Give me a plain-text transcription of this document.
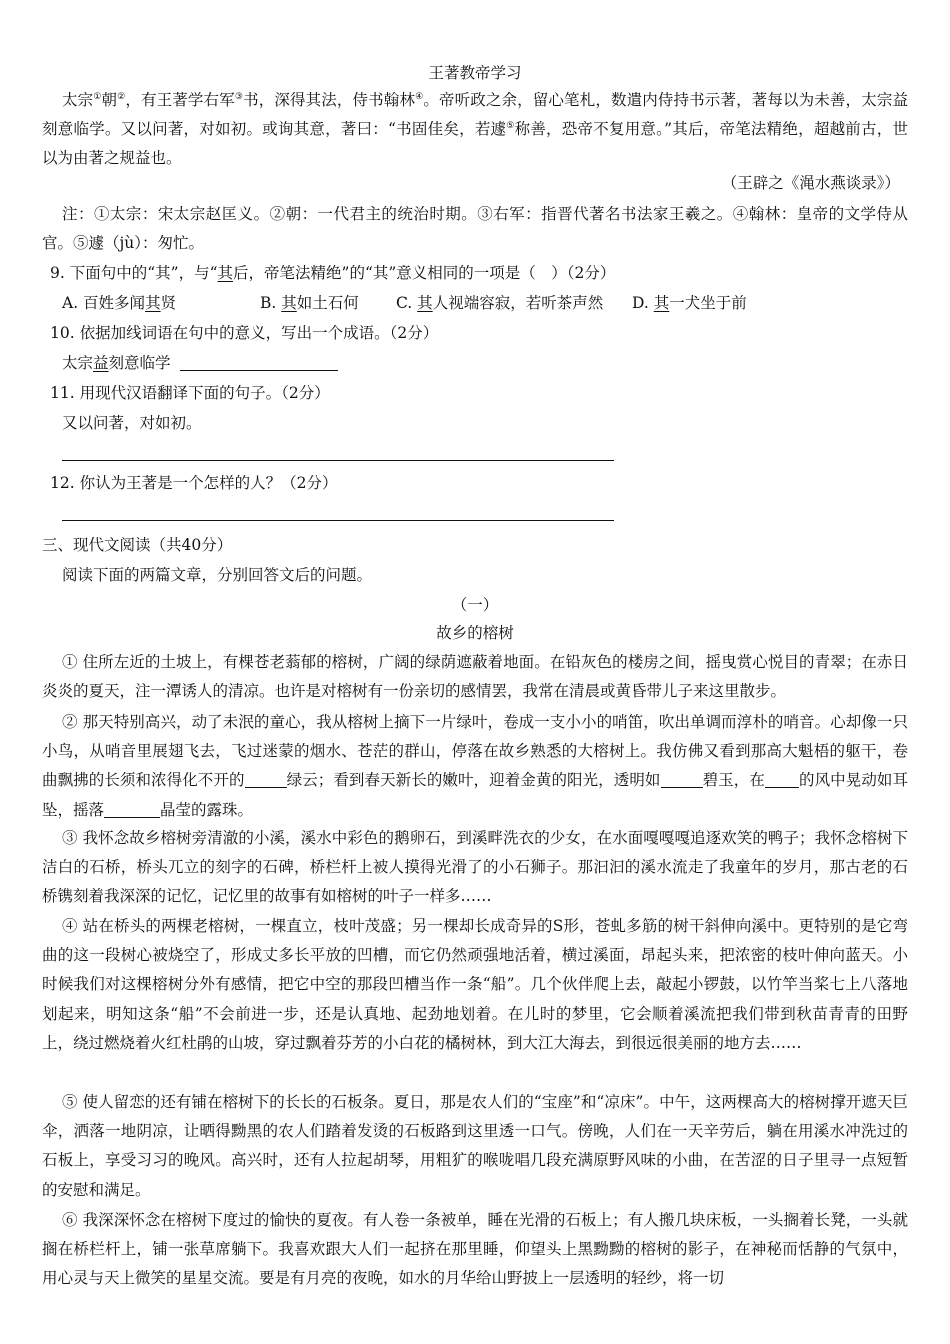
王著教帝学习
太宗①朝②，有王著学右军③书，深得其法，侍书翰林④。帝听政之余，留心笔札，数遣内侍持书示著，著每以为未善，太宗益刻意临学。又以问著，对如初。或询其意，著曰：“书固佳矣，若遽⑤称善，恐帝不复用意。”其后，帝笔法精绝，超越前古，世以为由著之规益也。
（王辟之《渑水燕谈录》）
注：①太宗：宋太宗赵匡义。②朝：一代君主的统治时期。③右军：指晋代著名书法家王羲之。④翰林：皇帝的文学侍从官。⑤遽（jù）：匆忙。
9. 下面句中的“其”，与“其后，帝笔法精绝”的“其”意义相同的一项是（　）（2分）
A. 百姓多闻其贤	B. 其如土石何 C. 其人视端容寂，若听茶声然 D. 其一犬坐于前
10. 依据加线词语在句中的意义，写出一个成语。（2分）
太宗益刻意临学
11. 用现代汉语翻译下面的句子。（2分）
又以问著，对如初。
12. 你认为王著是一个怎样的人？（2分）
三、现代文阅读（共40分）
阅读下面的两篇文章，分别回答文后的问题。
（一）
故乡的榕树
① 住所左近的土坡上，有棵苍老蓊郁的榕树，广阔的绿荫遮蔽着地面。在铅灰色的楼房之间，摇曳赏心悦目的青翠；在赤日炎炎的夏天，注一潭诱人的清凉。也许是对榕树有一份亲切的感情罢，我常在清晨或黄昏带儿子来这里散步。
② 那天特别高兴，动了未泯的童心，我从榕树上摘下一片绿叶，卷成一支小小的哨笛，吹出单调而淳朴的哨音。心却像一只小鸟，从哨音里展翅飞去，飞过迷蒙的烟水、苍茫的群山，停落在故乡熟悉的大榕树上。我仿佛又看到那高大魁梧的躯干，卷曲飘拂的长须和浓得化不开的	绿云；看到春天新长的嫩叶，迎着金黄的阳光，透明如	碧玉，在 的风中晃动如耳坠，摇落	晶莹的露珠。
③ 我怀念故乡榕树旁清澈的小溪，溪水中彩色的鹅卵石，到溪畔洗衣的少女，在水面嘎嘎嘎追逐欢笑的鸭子；我怀念榕树下洁白的石桥，桥头兀立的刻字的石碑，桥栏杆上被人摸得光滑了的小石狮子。那汩汩的溪水流走了我童年的岁月，那古老的石桥镌刻着我深深的记忆，记忆里的故事有如榕树的叶子一样多……
④ 站在桥头的两棵老榕树，一棵直立，枝叶茂盛；另一棵却长成奇异的S形，苍虬多筋的树干斜伸向溪中。更特别的是它弯曲的这一段树心被烧空了，形成丈多长平放的凹槽，而它仍然顽强地活着，横过溪面，昂起头来，把浓密的枝叶伸向蓝天。小时候我们对这棵榕树分外有感情，把它中空的那段凹槽当作一条“船”。几个伙伴爬上去，敲起小锣鼓，以竹竿当桨七上八落地划起来，明知这条“船”不会前进一步，还是认真地、起劲地划着。在儿时的梦里，它会顺着溪流把我们带到秋苗青青的田野上，绕过燃烧着火红杜鹃的山坡，穿过飘着芬芳的小白花的橘树林，到大江大海去，到很远很美丽的地方去……
⑤ 使人留恋的还有铺在榕树下的长长的石板条。夏日，那是农人们的“宝座”和“凉床”。中午，这两棵高大的榕树撑开遮天巨伞，洒落一地阴凉，让晒得黝黑的农人们踏着发烫的石板路到这里透一口气。傍晚，人们在一天辛劳后，躺在用溪水冲洗过的石板上，享受习习的晚风。高兴时，还有人拉起胡琴，用粗犷的喉咙唱几段充满原野风味的小曲，在苦涩的日子里寻一点短暂的安慰和满足。
⑥ 我深深怀念在榕树下度过的愉快的夏夜。有人卷一条被单，睡在光滑的石板上；有人搬几块床板，一头搁着长凳，一头就搁在桥栏杆上，铺一张草席躺下。我喜欢跟大人们一起挤在那里睡，仰望头上黑黝黝的榕树的影子，在神秘而恬静的气氛中，用心灵与天上微笑的星星交流。要是有月亮的夜晚，如水的月华给山野披上一层透明的轻纱，将一切
